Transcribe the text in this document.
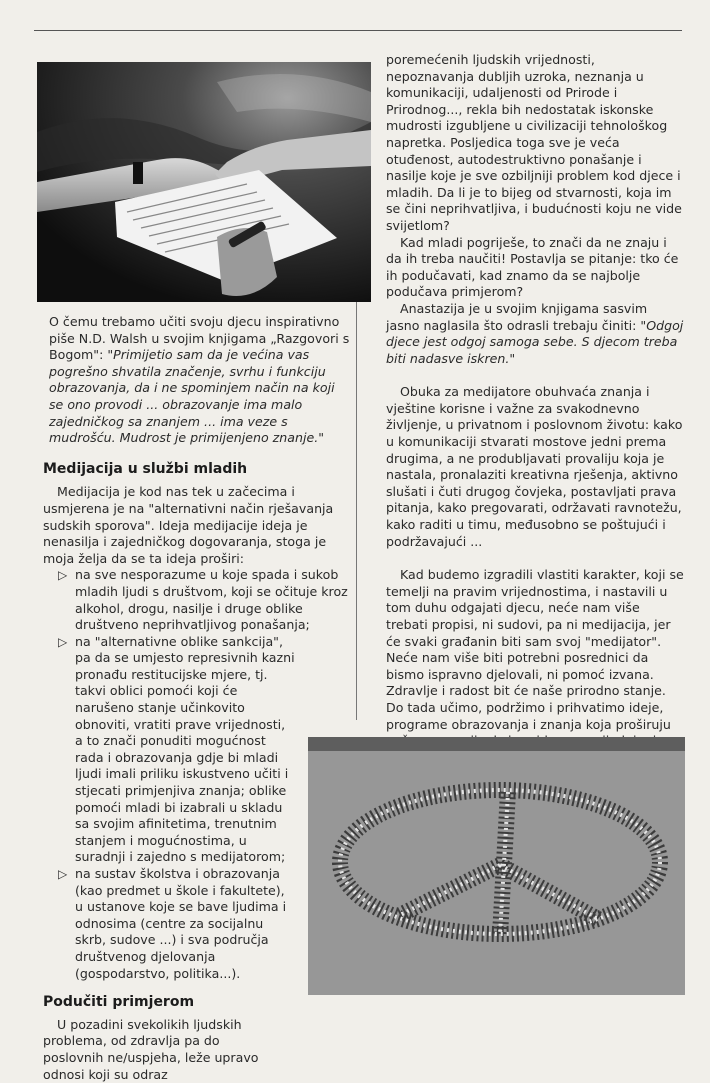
O čemu trebamo učiti svoju djecu inspirativno piše N.D. Walsh u svojim knjigama „Razgovori s Bogom": "Primijetio sam da je većina vas pogrešno shvatila značenje, svrhu i funkciju obrazovanja, da i ne spominjem način na koji se ono provodi ... obrazovanje ima malo zajedničkog sa znanjem ... ima veze s mudrošću. Mudrost je primijenjeno znanje."

Medijacija u službi mladih

Medijacija je kod nas tek u začecima i usmjerena je na "alternativni način rješavanja sudskih sporova". Ideja medijacije ideja je nenasilja i zajedničkog dogovaranja, stoga je moja želja da se ta ideja proširi:

▷ na sve nesporazume u koje spada i sukob mladih ljudi s društvom, koji se očituje kroz alkohol, drogu, nasilje i druge oblike društveno neprihvatljivog ponašanja;
▷ na "alternativne oblike sankcija", pa da se umjesto represivnih kazni pronađu restitucijske mjere, tj. takvi oblici pomoći koji će narušeno stanje učinkovito obnoviti, vratiti prave vrijednosti, a to znači ponuditi mogućnost rada i obrazovanja gdje bi mladi ljudi imali priliku iskustveno učiti i stjecati primjenjiva znanja; oblike pomoći mladi bi izabrali u skladu sa svojim afinitetima, trenutnim stanjem i mogućnostima, u suradnji i zajedno s medijatorom;
▷ na sustav školstva i obrazovanja (kao predmet u škole i fakultete), u ustanove koje se bave ljudima i odnosima (centre za socijalnu skrb, sudove ...) i sva područja društvenog djelovanja (gospodarstvo, politika...).
Podučiti primjerom

U pozadini svekolikih ljudskih problema, od zdravlja pa do poslovnih ne/uspjeha, leže upravo odnosi koji su odraz

poremećenih ljudskih vrijednosti, nepoznavanja dubljih uzroka, neznanja u komunikaciji, udaljenosti od Prirode i Prirodnog..., rekla bih nedostatak iskonske mudrosti izgubljene u civilizaciji tehnološkog napretka. Posljedica toga sve je veća otuđenost, autodestruktivno ponašanje i nasilje koje je sve ozbiljniji problem kod djece i mladih. Da li je to bijeg od stvarnosti, koja im se čini neprihvatljiva, i budućnosti koju ne vide svijetlom?

Kad mladi pogriješe, to znači da ne znaju i da ih treba naučiti! Postavlja se pitanje: tko će ih podučavati, kad znamo da se najbolje podučava primjerom?

Anastazija je u svojim knjigama sasvim jasno naglasila što odrasli trebaju činiti: "Odgoj djece jest odgoj samoga sebe. S djecom treba biti nadasve iskren."

Obuka za medijatore obuhvaća znanja i vještine korisne i važne za svakodnevno življenje, u privatnom i poslovnom životu: kako u komunikaciji stvarati mostove jedni prema drugima, a ne produbljavati provaliju koja je nastala, pronalaziti kreativna rješenja, aktivno slušati i čuti drugog čovjeka, postavljati prava pitanja, kako pregovarati, održavati ravnotežu, kako raditi u timu, međusobno se poštujući i podržavajući ...

Kad budemo izgradili vlastiti karakter, koji se temelji na pravim vrijednostima, i nastavili u tom duhu odgajati djecu, neće nam više trebati propisi, ni sudovi, pa ni medijacija, jer će svaki građanin biti sam svoj "medijator". Neće nam više biti potrebni posrednici da bismo ispravno djelovali, ni pomoć izvana. Zdravlje i radost bit će naše prirodno stanje. Do tada učimo, podržimo i prihvatimo ideje, programe obrazovanja i znanja koja proširuju
